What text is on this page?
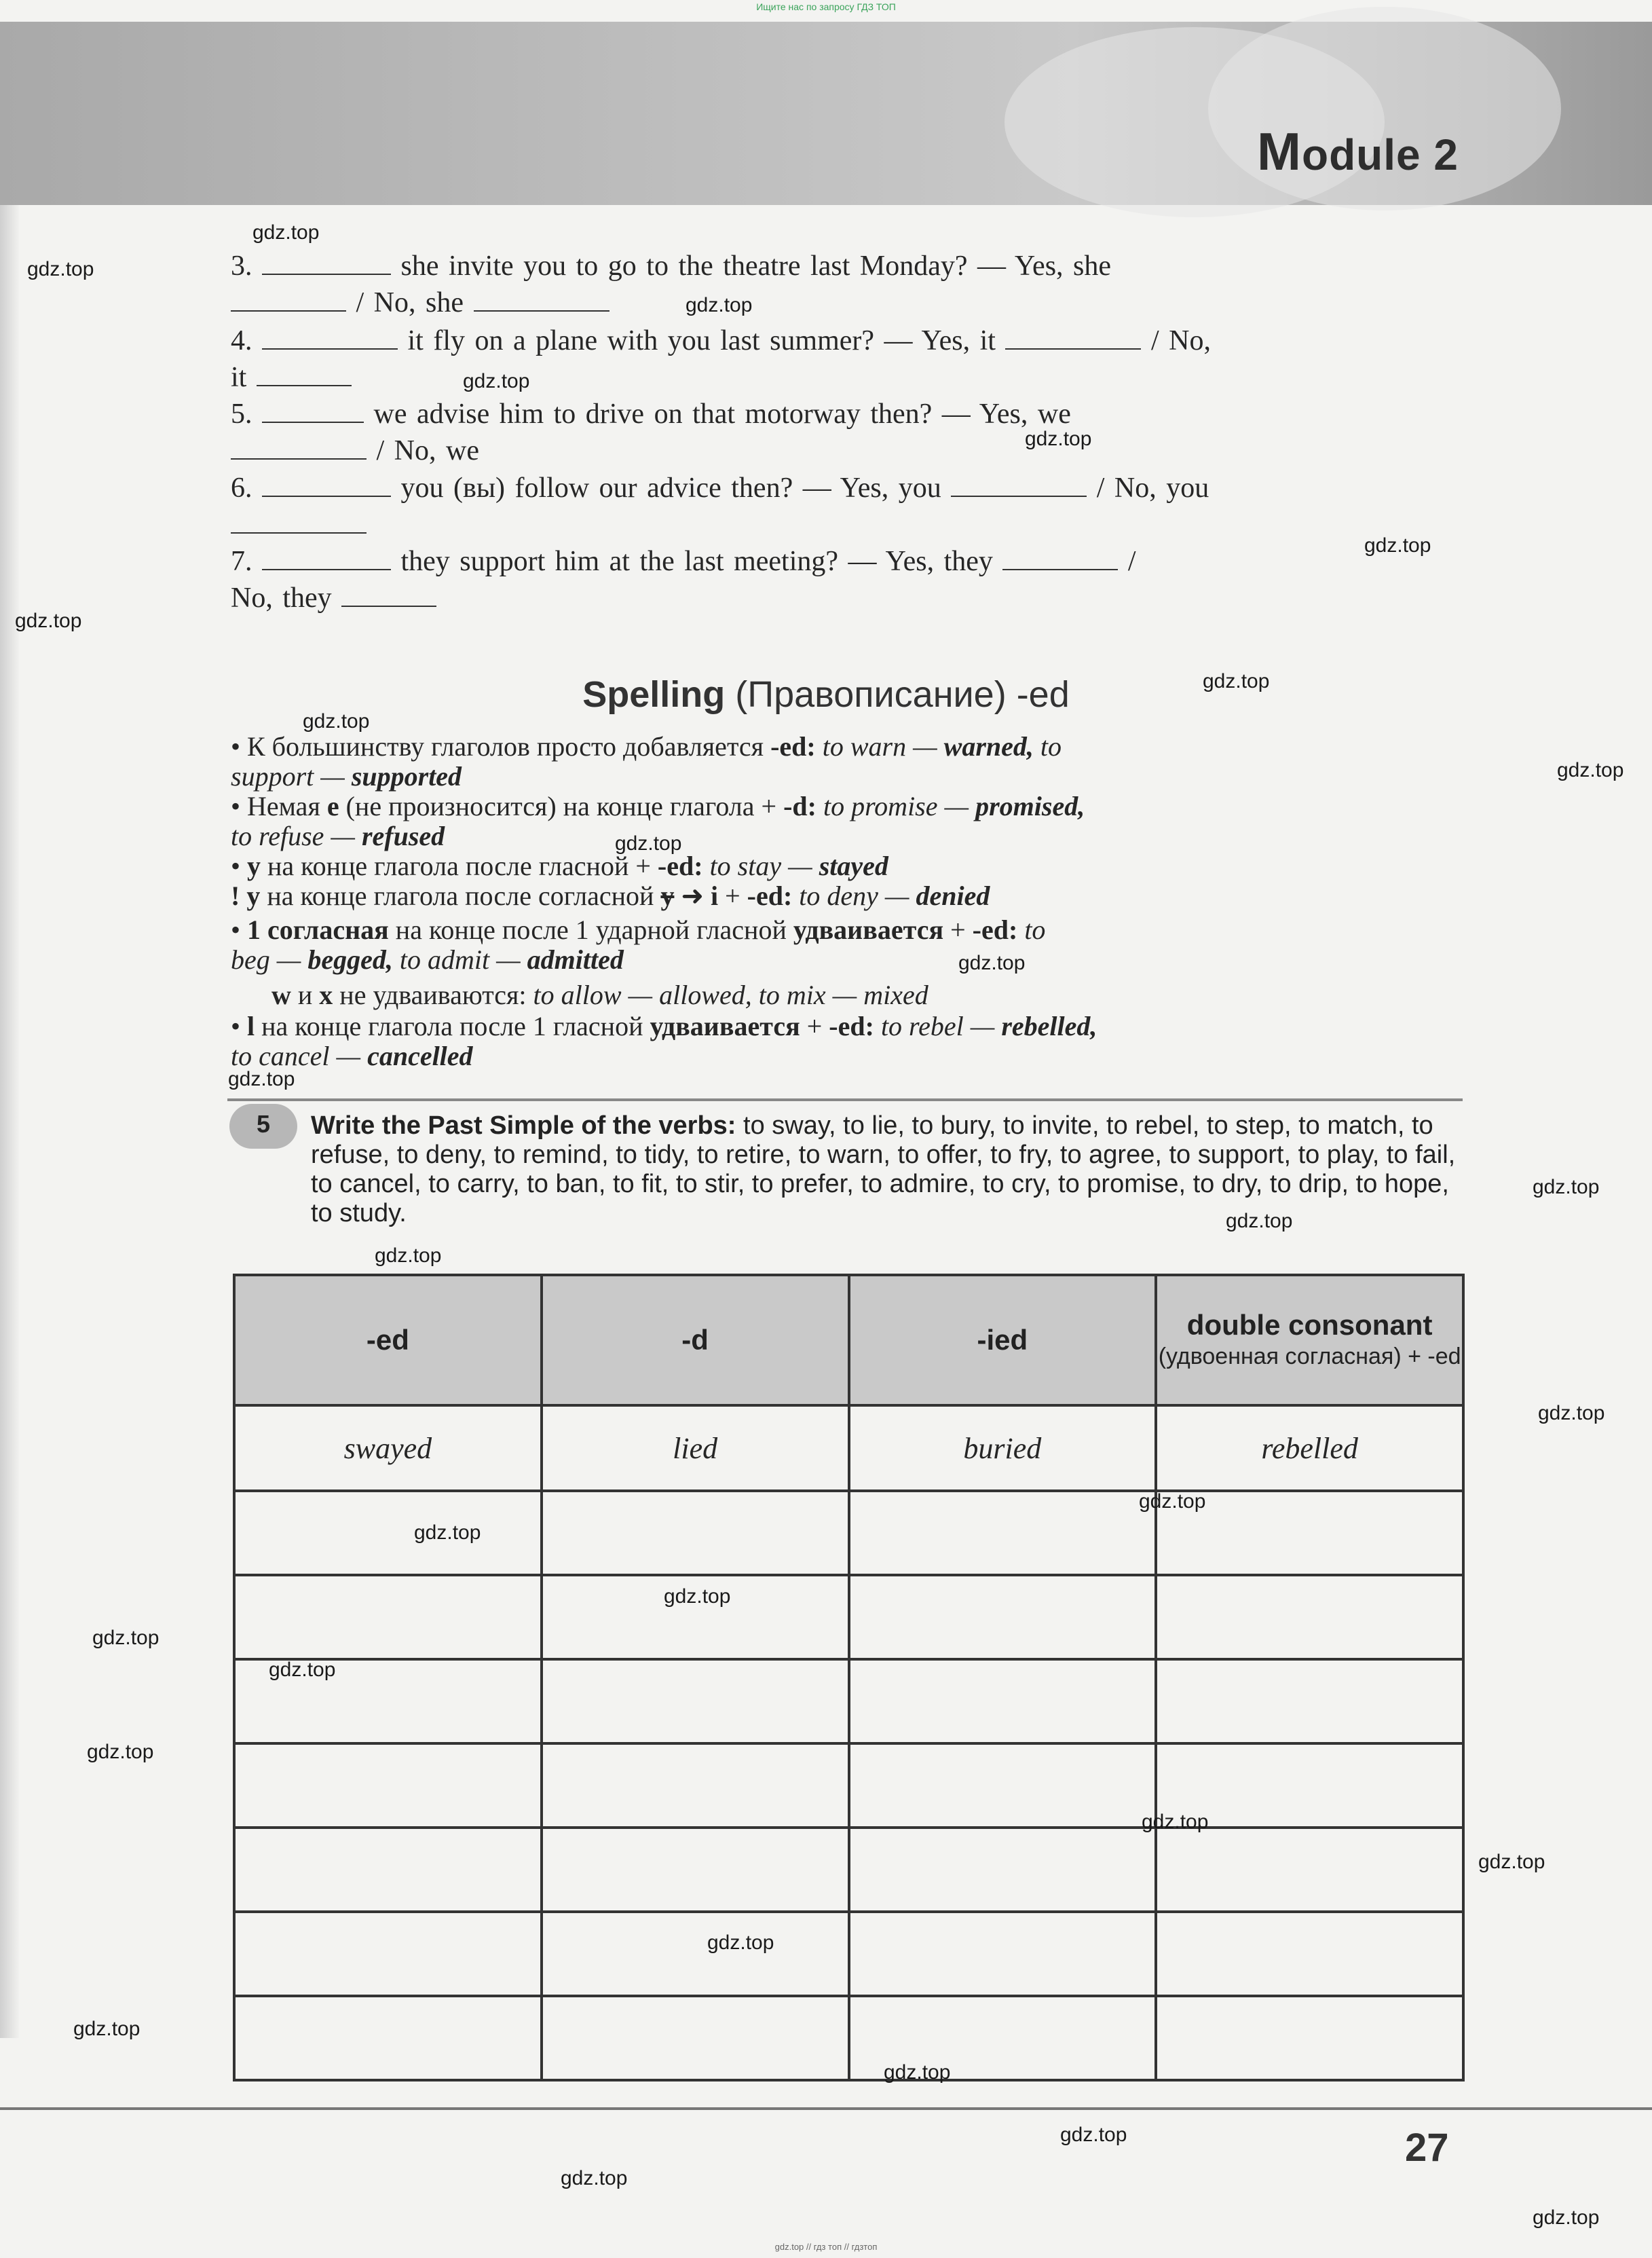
Ищите нас по запросу ГДЗ ТОП
Module 2
3.	she invite you to go to the theatre last Monday? — Yes, she
/ No, she
4.	it fly on a plane with you last summer? — Yes, it	/ No,
it
5.	we advise him to drive on that motorway then? — Yes, we
/ No, we
6.	you (вы) follow our advice then? — Yes, you	/ No, you

7.	they support him at the last meeting? — Yes, they	/
No, they
Spelling (Правописание) -ed
• К большинству глаголов просто добавляется -ed: to warn — warned, to
support — supported
• Немая е (не произносится) на конце глагола + -d: to promise — promised,
to refuse — refused
• у на конце глагола после гласной + -ed: to stay — stayed
! у на конце глагола после согласной y ➜ i + -ed: to deny — denied
• 1 согласная на конце после 1 ударной гласной удваивается + -ed: to
beg — begged, to admit — admitted
w и x не удваиваются: to allow — allowed, to mix — mixed
• l на конце глагола после 1 гласной удваивается + -ed: to rebel — rebelled,
to cancel — cancelled
5	Write the Past Simple of the verbs: to sway, to lie, to bury, to invite, to rebel, to step, to match, to refuse, to deny, to remind, to tidy, to retire, to warn, to offer, to fry, to agree, to support, to play, to fail, to cancel, to carry, to ban, to fit, to stir, to prefer, to admire, to cry, to promise, to dry, to drip, to hope, to study.
-ed	-d	-ied	double consonant
(удвоенная согласная) + -ed

swayed	lied	buried	rebelled

27
gdz.top
gdz.top
gdz.top
gdz.top
gdz.top
gdz.top
gdz.top
gdz.top
gdz.top
gdz.top
gdz.top
gdz.top
gdz.top
gdz.top
gdz.top
gdz.top
gdz.top
gdz.top
gdz.top
gdz.top
gdz.top
gdz.top
gdz.top
gdz.top
gdz.top
gdz.top
gdz.top
gdz.top
gdz.top
gdz.top
gdz.top
gdz.top // гдз топ // гдзтоп
